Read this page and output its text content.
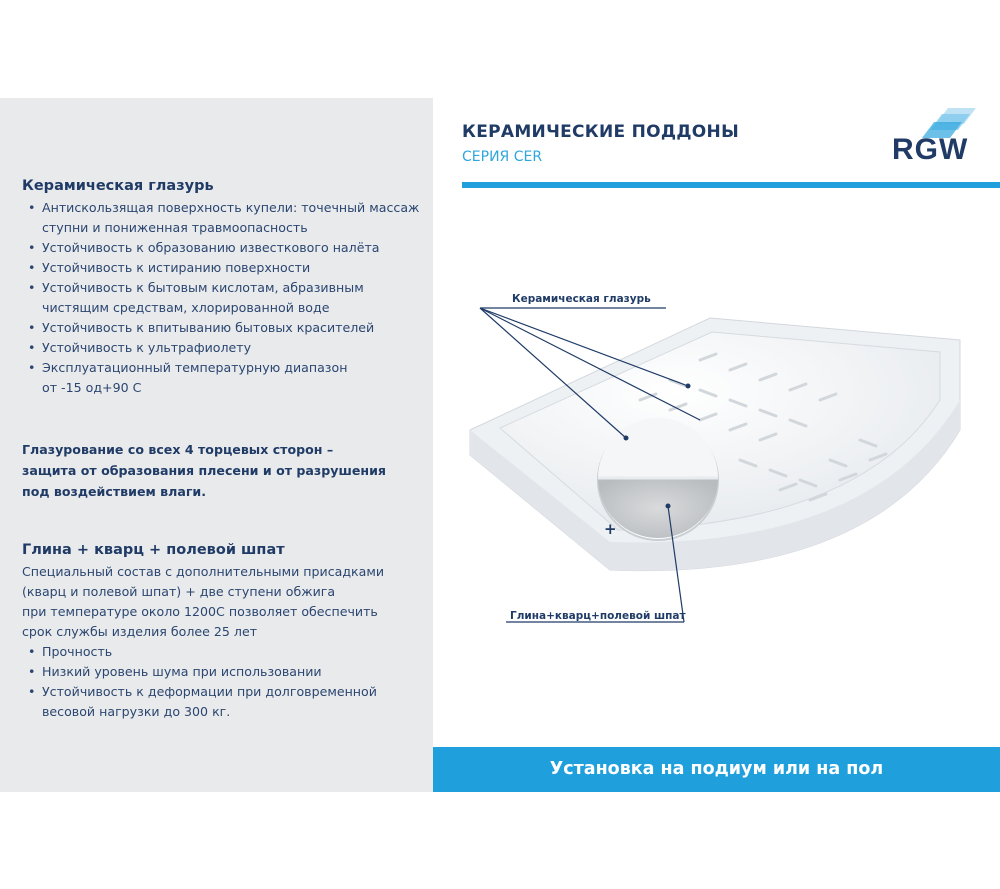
Керамическая глазурь
• Антискользящая поверхность купели: точечный массаж
ступни и пониженная травмоопасность
• Устойчивость к образованию известкового налёта
• Устойчивость к истиранию поверхности
• Устойчивость к бытовым кислотам, абразивным
чистящим средствам, хлорированной воде
• Устойчивость к впитыванию бытовых красителей
• Устойчивость к ультрафиолету
• Эксплуатационный температурную диапазон
от -15 од+90 С
Глазурование со всех 4 торцевых сторон –
защита от образования плесени и от разрушения
под воздействием влаги.
Глина + кварц + полевой шпат
Специальный состав с дополнительными присадками
(кварц и полевой шпат) + две ступени обжига
при температуре около 1200С позволяет обеспечить
срок службы изделия более 25 лет
• Прочность
• Низкий уровень шума при использовании
• Устойчивость к деформации при долговременной
весовой нагрузки до 300 кг.
КЕРАМИЧЕСКИЕ ПОДДОНЫ
СЕРИЯ CER	RGW
Керамическая глазурь
Глина+кварц+полевой шпат
+
Установка на подиум или на пол
